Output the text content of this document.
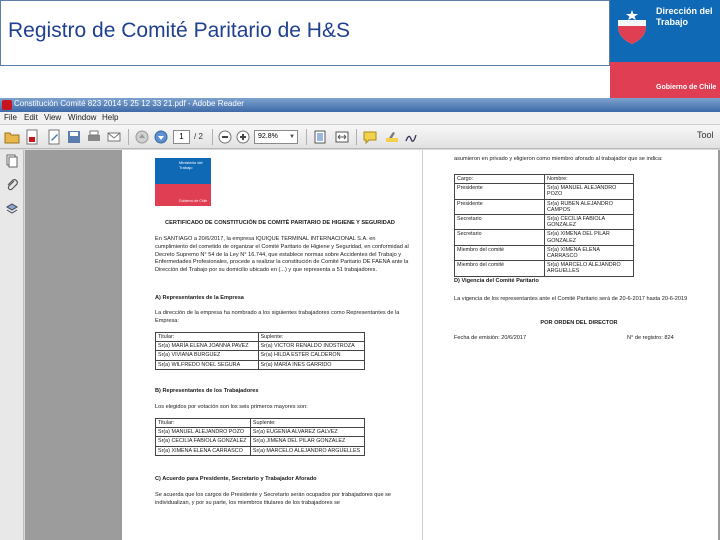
Registro de Comité Paritario de H&S
Dirección del Trabajo
Gobierno de Chile
Constitución Comité 823 2014 5 25 12 33 21.pdf - Adobe Reader
File Edit View Window Help
1	/ 2	92.8% ▼	Tool
Ministerio del Trabajo
Gobierno de Chile
CERTIFICADO DE CONSTITUCIÓN DE COMITÉ PARITARIO DE HIGIENE Y SEGURIDAD
En SANTIAGO a 20/6/2017, la empresa IQUIQUE TERMINAL INTERNACIONAL S.A. en cumplimiento del cometido de organizar el Comité Paritario de Higiene y Seguridad, en conformidad al Decreto Supremo N° 54 de la Ley N° 16.744, que establece normas sobre Accidentes del Trabajo y Enfermedades Profesionales, procede a realizar la constitución de Comité Paritario DE FAENA ante la Dirección del Trabajo por su domicilio ubicado en (...) y que representa a 51 trabajadores.
A) Representantes de la Empresa
La dirección de la empresa ha nombrado a los siguientes trabajadores como Representantes de la Empresa:
Titular:	Suplente:
Sr(a) MARÍA ELENA JOANNA PAVEZ	Sr(a) VICTOR RENALDO INOSTROZA
Sr(a) VIVIANA BURGUEZ	Sr(a) HILDA ESTER CALDERON
Sr(a) WILFREDO NOEL SEGURA	Sr(a) MARÍA INES GARRIDO
B) Representantes de los Trabajadores
Los elegidos por votación son los seis primeros mayores son:
Titular:	Suplente:
Sr(a) MANUEL ALEJANDRO POZO	Sr(a) EUGENIA ALVAREZ GALVEZ
Sr(a) CECILIA FABIOLA GONZALEZ	Sr(a) JIMENA DEL PILAR GONZALEZ
Sr(a) XIMENA ELENA CARRASCO	Sr(a) MARCELO ALEJANDRO ARGUELLES
C) Acuerdo para Presidente, Secretario y Trabajador Aforado
Se acuerda que los cargos de Presidente y Secretario serán ocupados por trabajadores que se individualizan, y por su parte, los miembros titulares de los trabajadores se
asumieron en privado y eligieron como miembro aforado al trabajador que se indica:
Cargo:	Nombre:
Presidente	Sr(a) MANUEL ALEJANDRO POZO
Presidente	Sr(a) RUBEN ALEJANDRO CAMPOS
Secretario	Sr(a) CECILIA FABIOLA GONZALEZ
Secretario	Sr(a) XIMENA DEL PILAR GONZALEZ
Miembro del comité	Sr(a) XIMENA ELENA CARRASCO
Miembro del comité	Sr(a) MARCELO ALEJANDRO ARGUELLES
D) Vigencia del Comité Paritario
La vigencia de los representantes ante el Comité Paritario será de 20-6-2017 hasta 20-6-2019
POR ORDEN DEL DIRECTOR
Fecha de emisión: 20/6/2017	N° de registro: 824
